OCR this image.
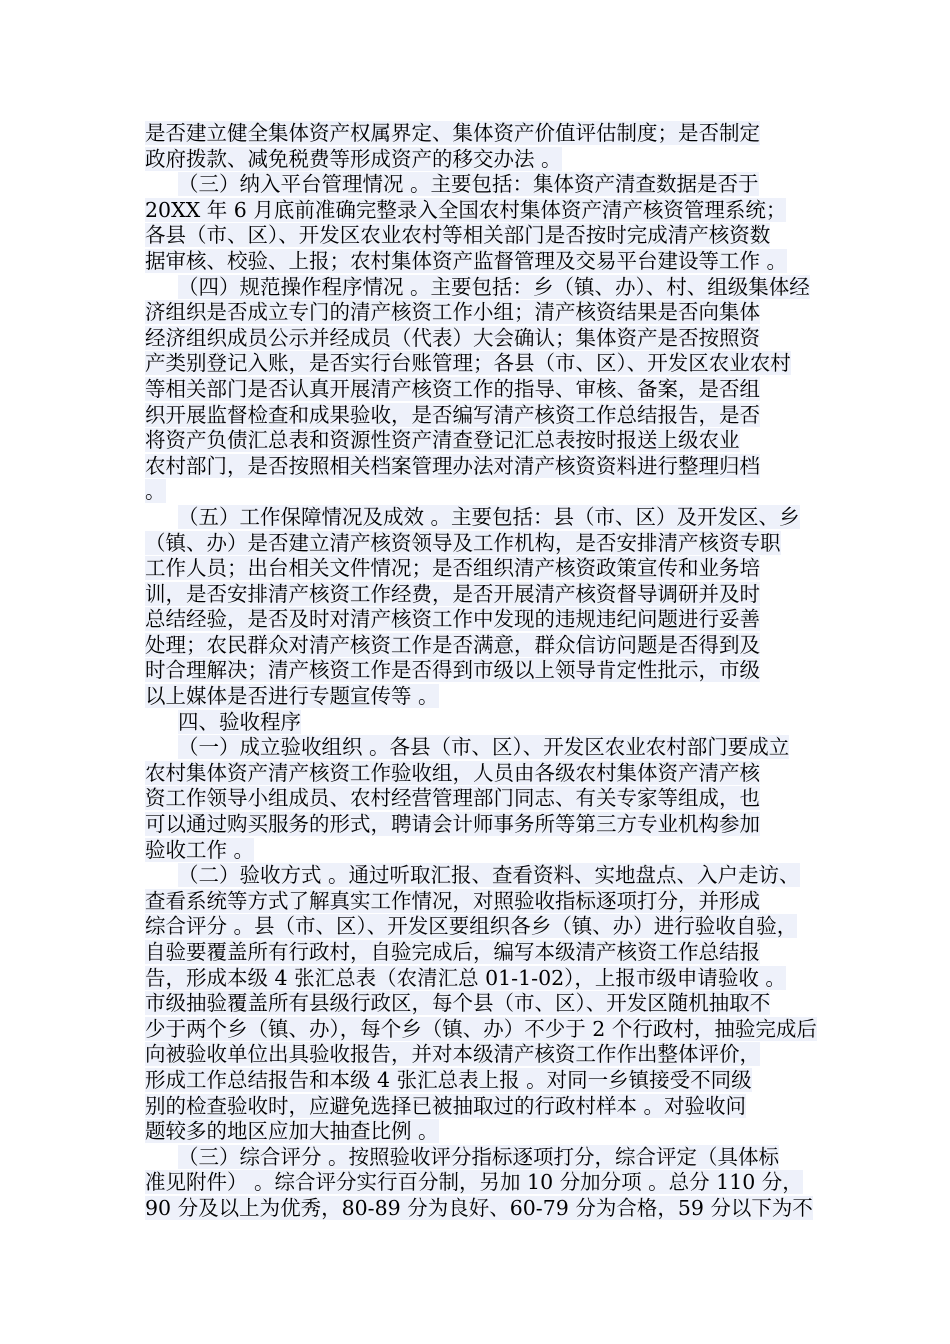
是否建立健全集体资产权属界定、集体资产价值评估制度；是否制定
政府拨款、减免税费等形成资产的移交办法 。
（三）纳入平台管理情况 。主要包括：集体资产清查数据是否于
20XX 年 6 月底前准确完整录入全国农村集体资产清产核资管理系统；
各县（市、区）、开发区农业农村等相关部门是否按时完成清产核资数
据审核、校验、上报；农村集体资产监督管理及交易平台建设等工作 。
（四）规范操作程序情况 。主要包括：乡（镇、办）、村、组级集体经
济组织是否成立专门的清产核资工作小组；清产核资结果是否向集体
经济组织成员公示并经成员（代表）大会确认；集体资产是否按照资
产类别登记入账，是否实行台账管理；各县（市、区）、开发区农业农村
等相关部门是否认真开展清产核资工作的指导、审核、备案，是否组
织开展监督检查和成果验收，是否编写清产核资工作总结报告，是否
将资产负债汇总表和资源性资产清查登记汇总表按时报送上级农业
农村部门，是否按照相关档案管理办法对清产核资资料进行整理归档
。
（五）工作保障情况及成效 。主要包括：县（市、区）及开发区、乡
（镇、办）是否建立清产核资领导及工作机构，是否安排清产核资专职
工作人员；出台相关文件情况；是否组织清产核资政策宣传和业务培
训，是否安排清产核资工作经费，是否开展清产核资督导调研并及时
总结经验，是否及时对清产核资工作中发现的违规违纪问题进行妥善
处理；农民群众对清产核资工作是否满意，群众信访问题是否得到及
时合理解决；清产核资工作是否得到市级以上领导肯定性批示，市级
以上媒体是否进行专题宣传等 。
四、验收程序
（一）成立验收组织 。各县（市、区）、开发区农业农村部门要成立
农村集体资产清产核资工作验收组，人员由各级农村集体资产清产核
资工作领导小组成员、农村经营管理部门同志、有关专家等组成，也
可以通过购买服务的形式，聘请会计师事务所等第三方专业机构参加
验收工作 。
（二）验收方式 。通过听取汇报、查看资料、实地盘点、入户走访、
查看系统等方式了解真实工作情况，对照验收指标逐项打分，并形成
综合评分 。县（市、区）、开发区要组织各乡（镇、办）进行验收自验，
自验要覆盖所有行政村，自验完成后，编写本级清产核资工作总结报
告，形成本级 4 张汇总表（农清汇总 01-1-02），上报市级申请验收 。
市级抽验覆盖所有县级行政区，每个县（市、区）、开发区随机抽取不
少于两个乡（镇、办），每个乡（镇、办）不少于 2 个行政村，抽验完成后
向被验收单位出具验收报告，并对本级清产核资工作作出整体评价，
形成工作总结报告和本级 4 张汇总表上报 。对同一乡镇接受不同级
别的检查验收时，应避免选择已被抽取过的行政村样本 。对验收问
题较多的地区应加大抽查比例 。
（三）综合评分 。按照验收评分指标逐项打分，综合评定（具体标
准见附件） 。综合评分实行百分制，另加 10 分加分项 。总分 110 分，
90 分及以上为优秀，80-89 分为良好、60-79 分为合格，59 分以下为不
